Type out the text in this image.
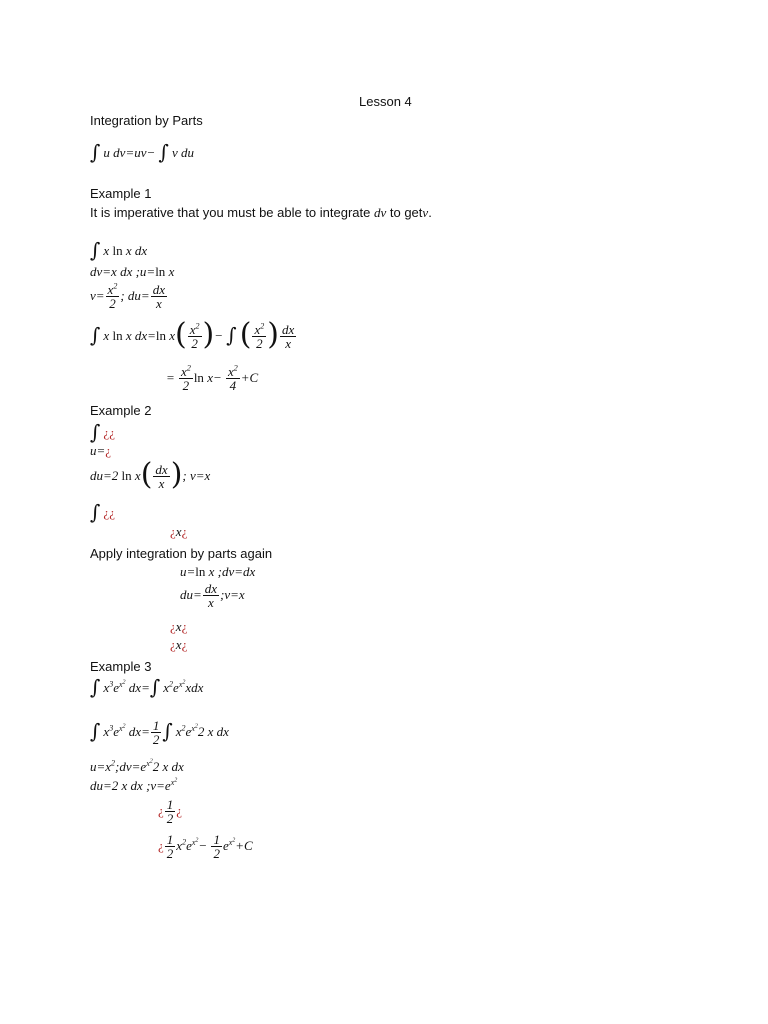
Lesson 4
Integration by Parts
∫ u dv=uv− ∫ v du
Example 1
It is imperative that you must be able to integrate dv to getv.
∫ x ln x dx
dv=x dx ;u=ln x
$v= \frac{x^2}{2}$ ; $du= \frac{dx}{x}$
∫ x ln x dx=ln $x( \frac{x^2}{2}$ )− ∫ ( $\frac{x^2}{2}$ ) $\frac{dx}{x}$
= $\frac{x^2}{2}$ $\ln x- \frac{x^2}{4} +C$
Example 2
∫ ¿¿
u=¿
du=2 $\ln x( \frac{dx}{x}$ ); v=x
∫ ¿¿
¿x¿
Apply integration by parts again
u=ln x ;dv=dx
$du= \frac{dx}{x}$ ;v=x
¿x¿
¿x¿
Example 3
∫ $x^3e^{x^2}$ dx=∫ $x^2e^{x^2}xdx$
∫ $x^3e^{x^2}$ $dx= \frac{1}{2}$ ∫ $x^2e^{x^2}2$ x dx
$u=x^2;dv=e^{x^2}2$ x dx
du=2 x dx $;v=e^{x^2}$
¿ $\frac{1}{2}$ ¿
¿ $\frac{1}{2} x^2e^{x^2}- \frac{1}{2} e^{x^2}+C$
